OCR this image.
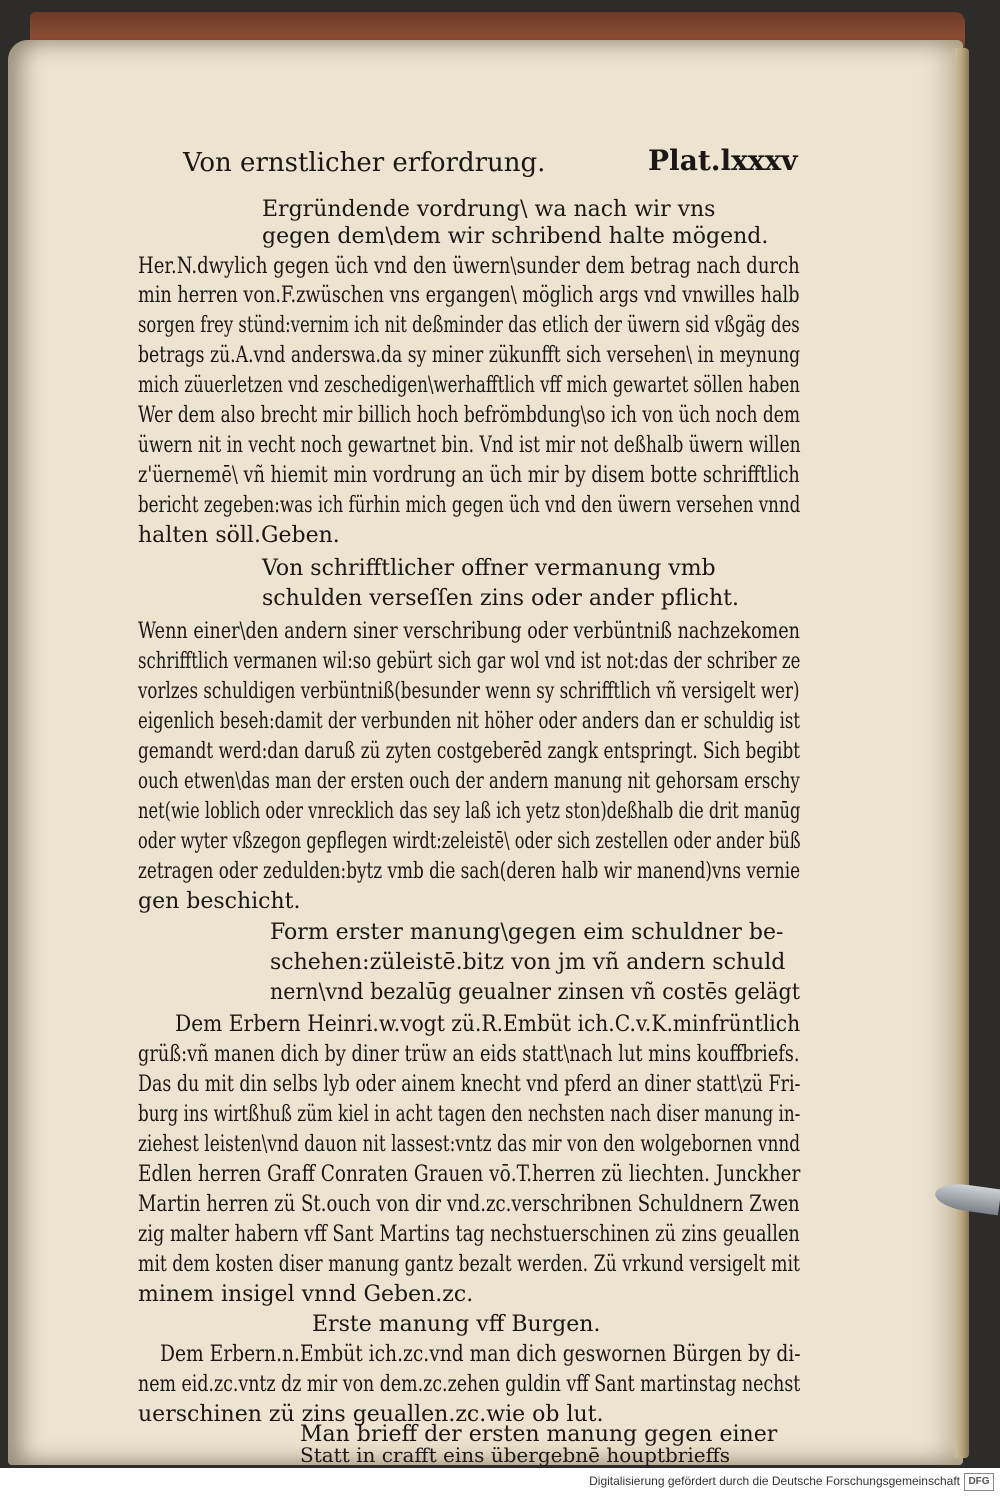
Von ernstlicher erfordrung.	Plat.lxxxv
Ergründende vordrung\ wa nach wir vns
gegen dem\dem wir schribend halte mögend.
Her.N.dwylich gegen üch vnd den üwern\sunder dem betrag nach durch
min herren von.F.zwüschen vns ergangen\ möglich args vnd vnwilles halb
sorgen frey stünd:vernim ich nit deßminder das etlich der üwern sid vßgäg des
betrags zü.A.vnd anderswa.da sy miner zükunfft sich versehen\ in meynung
mich züuerletzen vnd zeschedigen\werhafftlich vff mich gewartet söllen haben
Wer dem also brecht mir billich hoch befrömbdung\so ich von üch noch dem
üwern nit in vecht noch gewartnet bin. Vnd ist mir not deßhalb üwern willen
z'üernemē\ vñ hiemit min vordrung an üch mir by disem botte schrifftlich
bericht zegeben:was ich fürhin mich gegen üch vnd den üwern versehen vnnd
halten söll.Geben.
Von schrifftlicher offner vermanung vmb
schulden verseſſen zins oder ander pflicht.
Wenn einer\den andern siner verschribung oder verbüntniß nachzekomen
schrifftlich vermanen wil:so gebürt sich gar wol vnd ist not:das der schriber ze
vorlzes schuldigen verbüntniß(besunder wenn sy schrifftlich vñ versigelt wer)
eigenlich beseh:damit der verbunden nit höher oder anders dan er schuldig ist
gemandt werd:dan daruß zü zyten costgeberēd zangk entspringt. Sich begibt
ouch etwen\das man der ersten ouch der andern manung nit gehorsam erschy
net(wie loblich oder vnrecklich das sey laß ich yetz ston)deßhalb die drit manūg
oder wyter vßzegon gepflegen wirdt:zeleistē\ oder sich zestellen oder ander büß
zetragen oder zedulden:bytz vmb die sach(deren halb wir manend)vns vernie
gen beschicht.
Form erster manung\gegen eim schuldner be-
schehen:züleistē.bitz von jm vñ andern schuld
nern\vnd bezalūg geualner zinsen vñ costēs gelägt
Dem Erbern Heinri.w.vogt zü.R.Embüt ich.C.v.K.minfrüntlich
grüß:vñ manen dich by diner trüw an eids statt\nach lut mins kouffbriefs.
Das du mit din selbs lyb oder ainem knecht vnd pferd an diner statt\zü Fri-
burg ins wirtßhuß züm kiel in acht tagen den nechsten nach diser manung in-
ziehest leisten\vnd dauon nit lassest:vntz das mir von den wolgebornen vnnd
Edlen herren Graff Conraten Grauen vō.T.herren zü liechten. Junckher
Martin herren zü St.ouch von dir vnd.zc.verschribnen Schuldnern Zwen
zig malter habern vff Sant Martins tag nechstuerschinen zü zins geuallen
mit dem kosten diser manung gantz bezalt werden. Zü vrkund versigelt mit
minem insigel vnnd Geben.zc.
Erste manung vff Burgen.
Dem Erbern.n.Embüt ich.zc.vnd man dich geswornen Bürgen by di-
nem eid.zc.vntz dz mir von dem.zc.zehen guldin vff Sant martinstag nechst
uerschinen zü zins geuallen.zc.wie ob lut.
Man brieff der ersten manung gegen einer
Statt in crafft eins übergebnē houptbrieffs
Digitalisierung gefördert durch die Deutsche Forschungsgemeinschaft DFG
